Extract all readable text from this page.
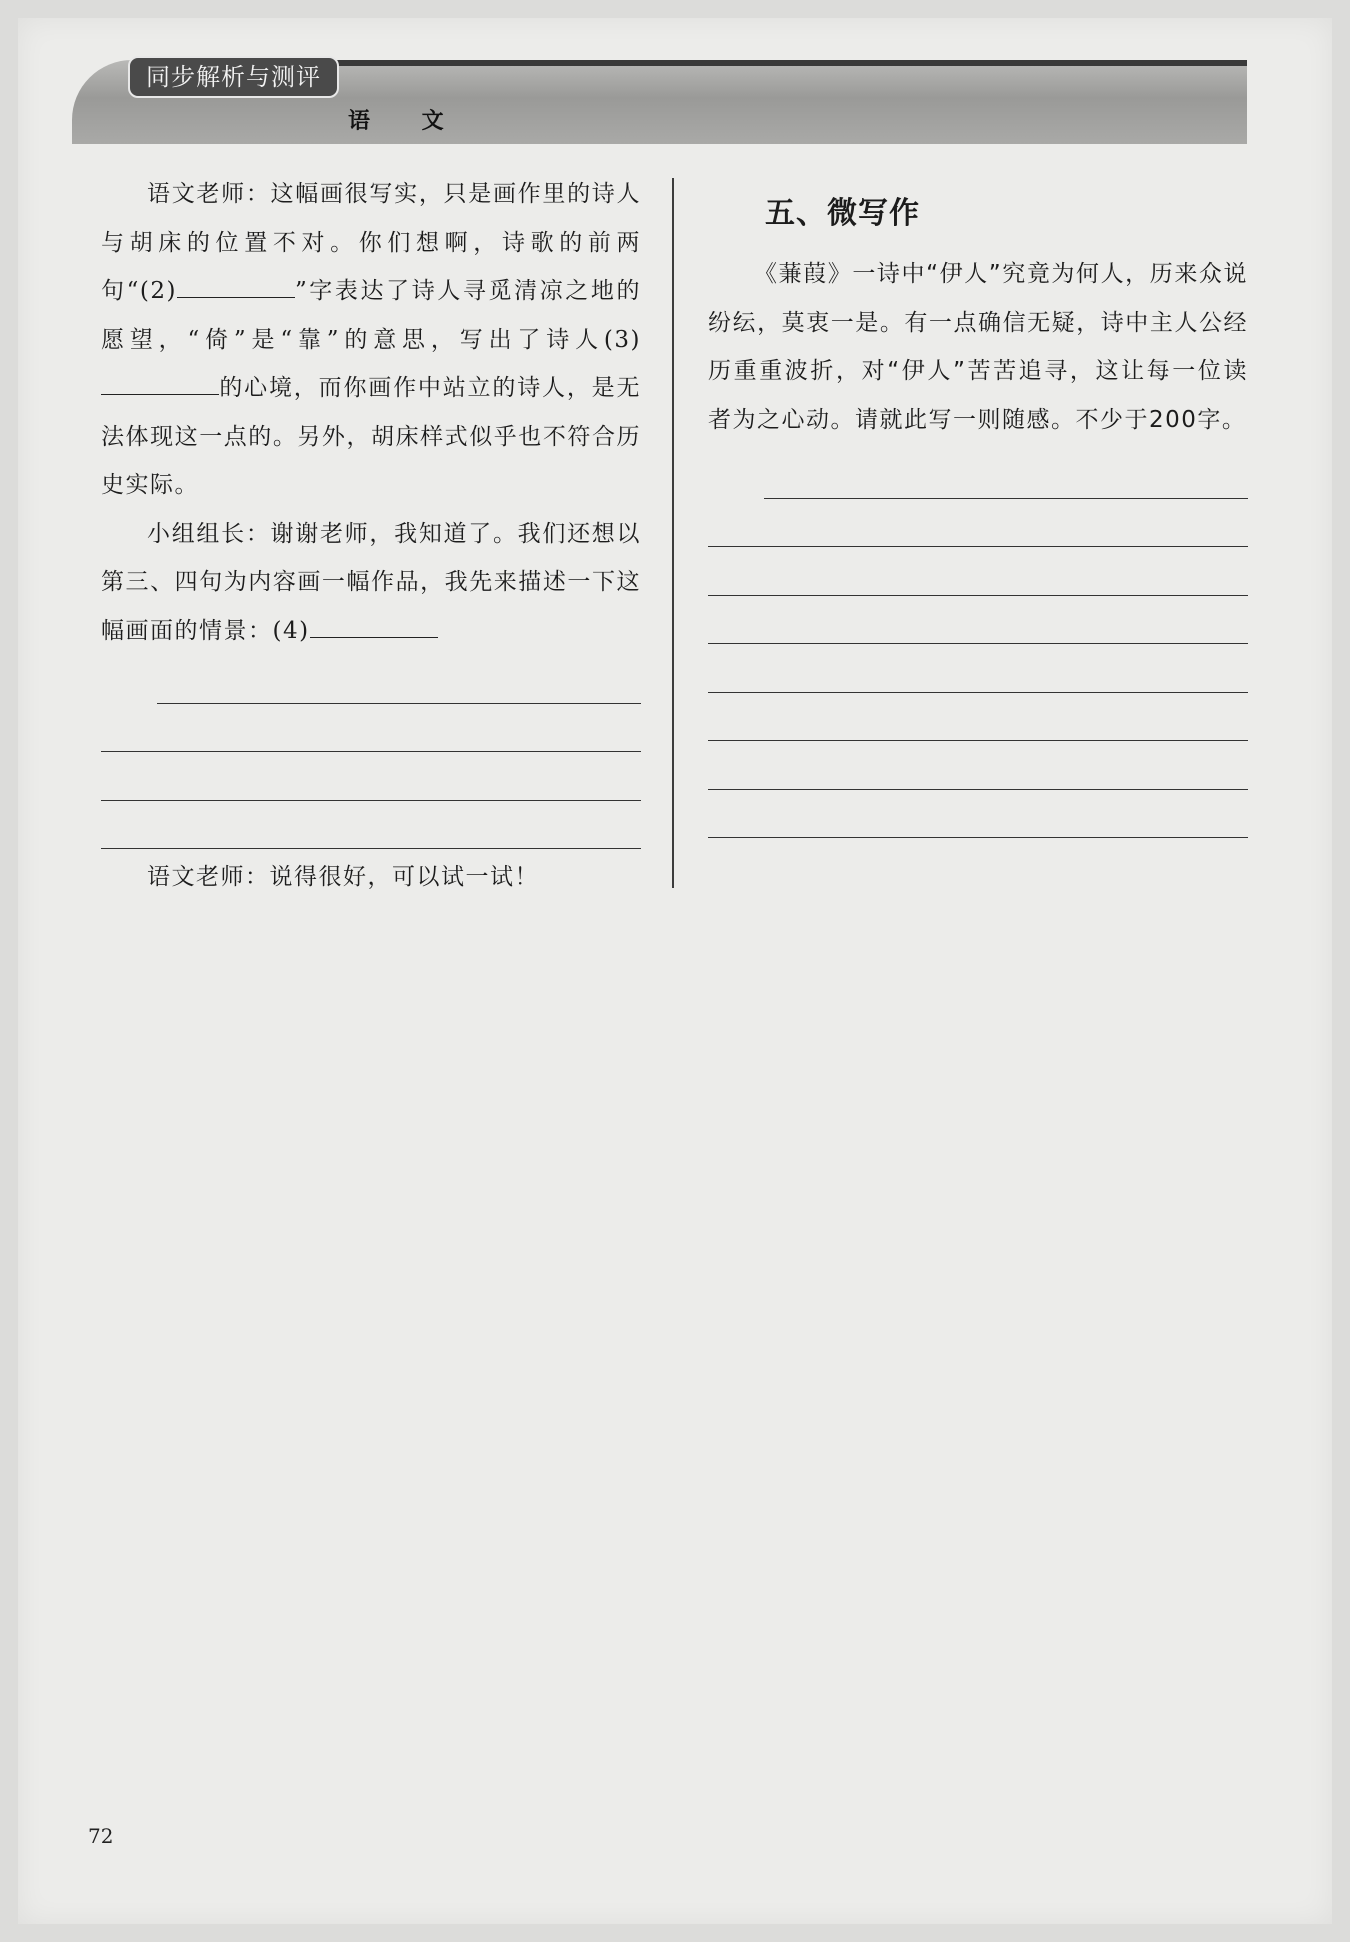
同步解析与测评
语 文

语文老师：这幅画很写实，只是画作里的诗人与胡床的位置不对。你们想啊，诗歌的前两句“(2)	”字表达了诗人寻觅清凉之地的愿望，“倚”是“靠”的意思，写出了诗人(3)的心境，而你画作中站立的诗人，是无法体现这一点的。另外，胡床样式似乎也不符合历史实际。

小组组长：谢谢老师，我知道了。我们还想以第三、四句为内容画一幅作品，我先来描述一下这幅画面的情景：(4)

语文老师：说得很好，可以试一试！

五、微写作

《蒹葭》一诗中“伊人”究竟为何人，历来众说纷纭，莫衷一是。有一点确信无疑，诗中主人公经历重重波折，对“伊人”苦苦追寻，这让每一位读者为之心动。请就此写一则随感。不少于200字。

72
